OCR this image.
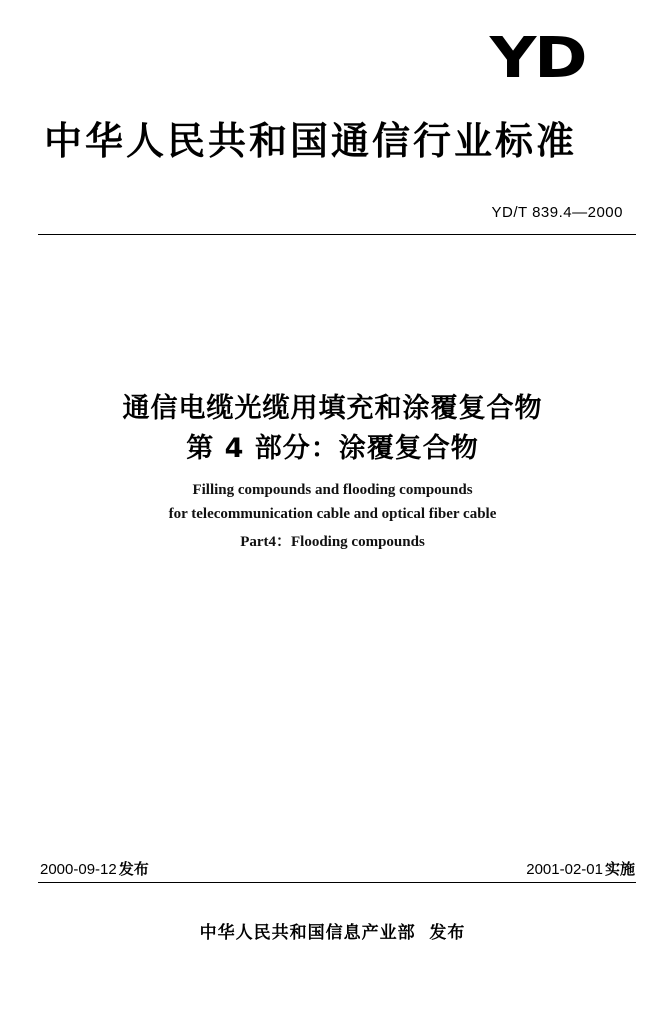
YD
中华人民共和国通信行业标准
YD/T 839.4—2000
通信电缆光缆用填充和涂覆复合物
第 4 部分：涂覆复合物
Filling compounds and flooding compounds
for telecommunication cable and optical fiber cable
Part4：Flooding compounds
2000-09-12 发布	2001-02-01 实施
中华人民共和国信息产业部  发布
